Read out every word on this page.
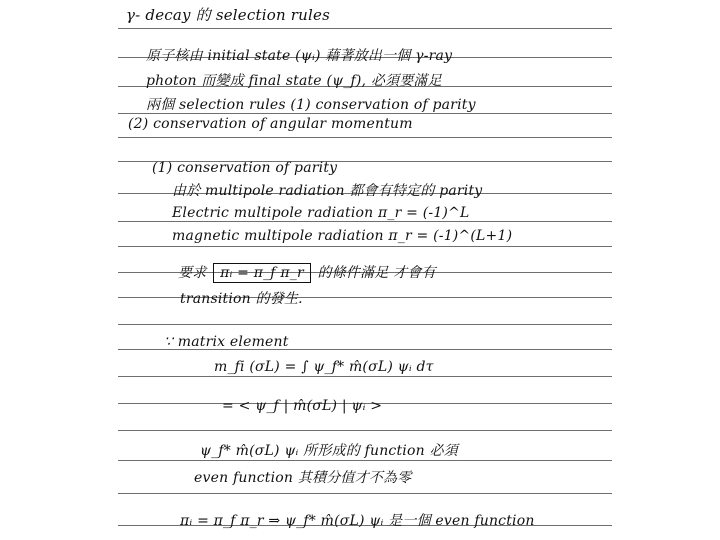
γ- decay 的 selection rules
原子核由 initial state (ψᵢ) 藉著放出一個 γ-ray
photon 而變成 final state (ψ_f), 必須要滿足
兩個 selection rules (1) conservation of parity
(2) conservation of angular momentum
(1) conservation of parity
由於 multipole radiation 都會有特定的 parity
Electric multipole radiation π_r = (-1)^L
magnetic multipole radiation π_r = (-1)^(L+1)
要求 πᵢ = π_f π_r 的條件滿足 才會有
transition 的發生.
∵ matrix element
m_fi (σL) = ∫ ψ_f* m̂(σL) ψᵢ dτ
= < ψ_f | m̂(σL) | ψᵢ >
ψ_f* m̂(σL) ψᵢ 所形成的 function 必須
even function 其積分值才不為零
πᵢ = π_f π_r ⇒ ψ_f* m̂(σL) ψᵢ 是一個 even function
